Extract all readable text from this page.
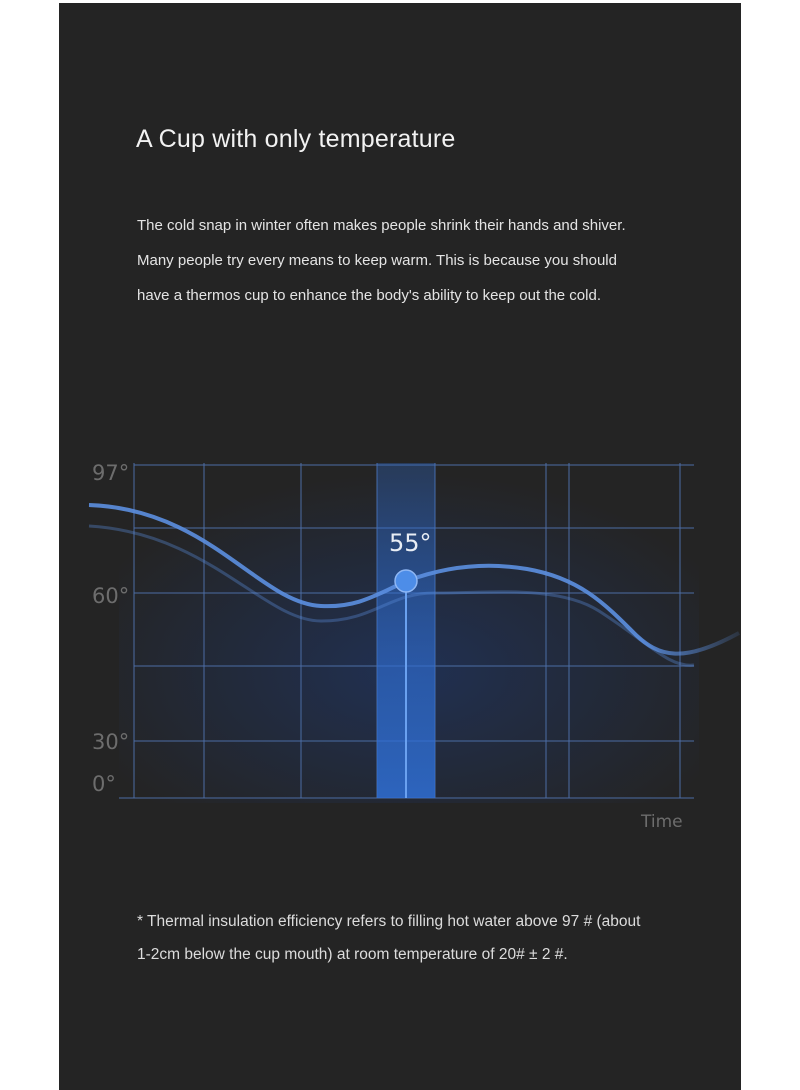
A Cup with only temperature
The cold snap in winter often makes people shrink their hands and shiver.
Many people try every means to keep warm. This is because you should
have a thermos cup to enhance the body's ability to keep out the cold.
55°
97°
60°
30°
0°
Time
* Thermal insulation efficiency refers to filling hot water above 97 # (about
1-2cm below the cup mouth) at room temperature of 20# ± 2 #.
